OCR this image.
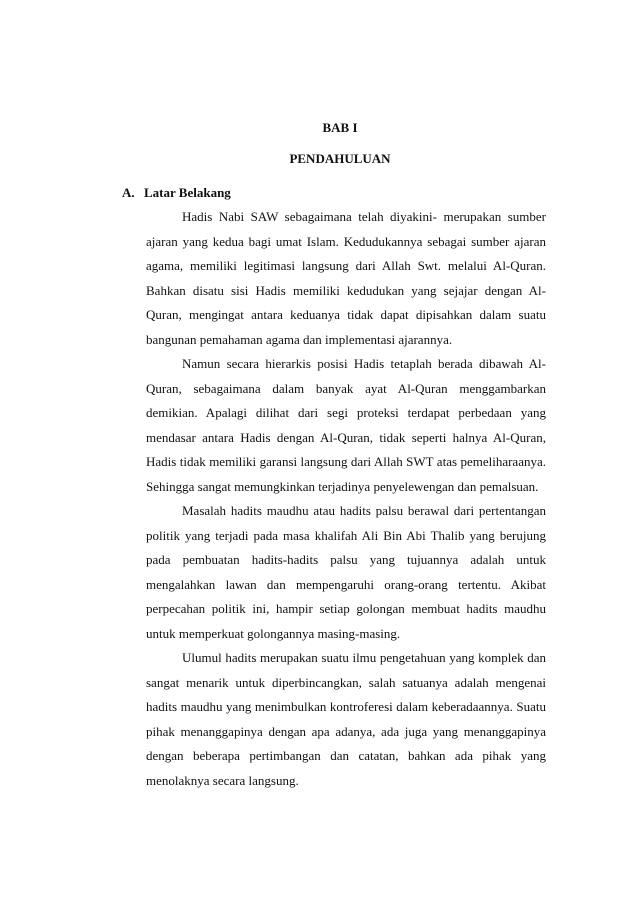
BAB I
PENDAHULUAN
A. Latar Belakang

Hadis Nabi SAW sebagaimana telah diyakini- merupakan sumber ajaran yang kedua bagi umat Islam. Kedudukannya sebagai sumber ajaran agama, memiliki legitimasi langsung dari Allah Swt. melalui Al-Quran. Bahkan disatu sisi Hadis memiliki kedudukan yang sejajar dengan Al-Quran, mengingat antara keduanya tidak dapat dipisahkan dalam suatu bangunan pemahaman agama dan implementasi ajarannya.

Namun secara hierarkis posisi Hadis tetaplah berada dibawah Al-Quran, sebagaimana dalam banyak ayat Al-Quran menggambarkan demikian. Apalagi dilihat dari segi proteksi terdapat perbedaan yang mendasar antara Hadis dengan Al-Quran, tidak seperti halnya Al-Quran, Hadis tidak memiliki garansi langsung dari Allah SWT atas pemeliharaanya. Sehingga sangat memungkinkan terjadinya penyelewengan dan pemalsuan.

Masalah hadits maudhu atau hadits palsu berawal dari pertentangan politik yang terjadi pada masa khalifah Ali Bin Abi Thalib yang berujung pada pembuatan hadits-hadits palsu yang tujuannya adalah untuk mengalahkan lawan dan mempengaruhi orang-orang tertentu. Akibat perpecahan politik ini, hampir setiap golongan membuat hadits maudhu untuk memperkuat golongannya masing-masing.

Ulumul hadits merupakan suatu ilmu pengetahuan yang komplek dan sangat menarik untuk diperbincangkan, salah satuanya adalah mengenai hadits maudhu yang menimbulkan kontroferesi dalam keberadaannya. Suatu pihak menanggapinya dengan apa adanya, ada juga yang menanggapinya dengan beberapa pertimbangan dan catatan, bahkan ada pihak yang menolaknya secara langsung.
